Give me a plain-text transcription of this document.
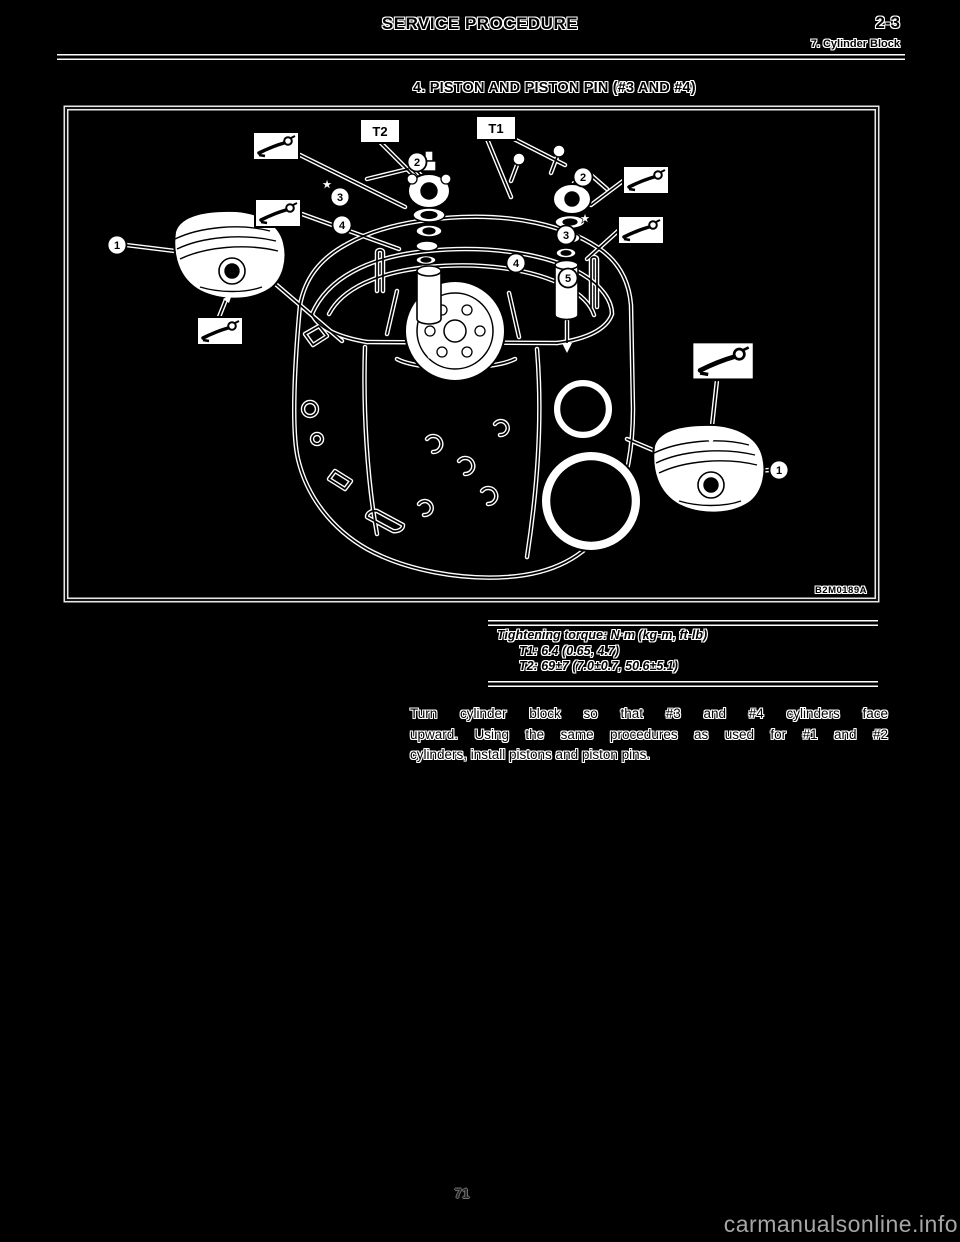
SERVICE PROCEDURE	2-3
7. Cylinder Block
4. PISTON AND PISTON PIN (#3 AND #4)
T2	T1
1
1
2
3
4
2
3
4
5
★
★
B2M0189A
Tightening torque: N·m (kg-m, ft-lb)
T1: 6.4 (0.65, 4.7)
T2: 69±7 (7.0±0.7, 50.6±5.1)
Turn cylinder block so that #3 and #4 cylinders face
upward. Using the same procedures as used for #1 and #2
cylinders, install pistons and piston pins.
71
carmanualsonline.info
